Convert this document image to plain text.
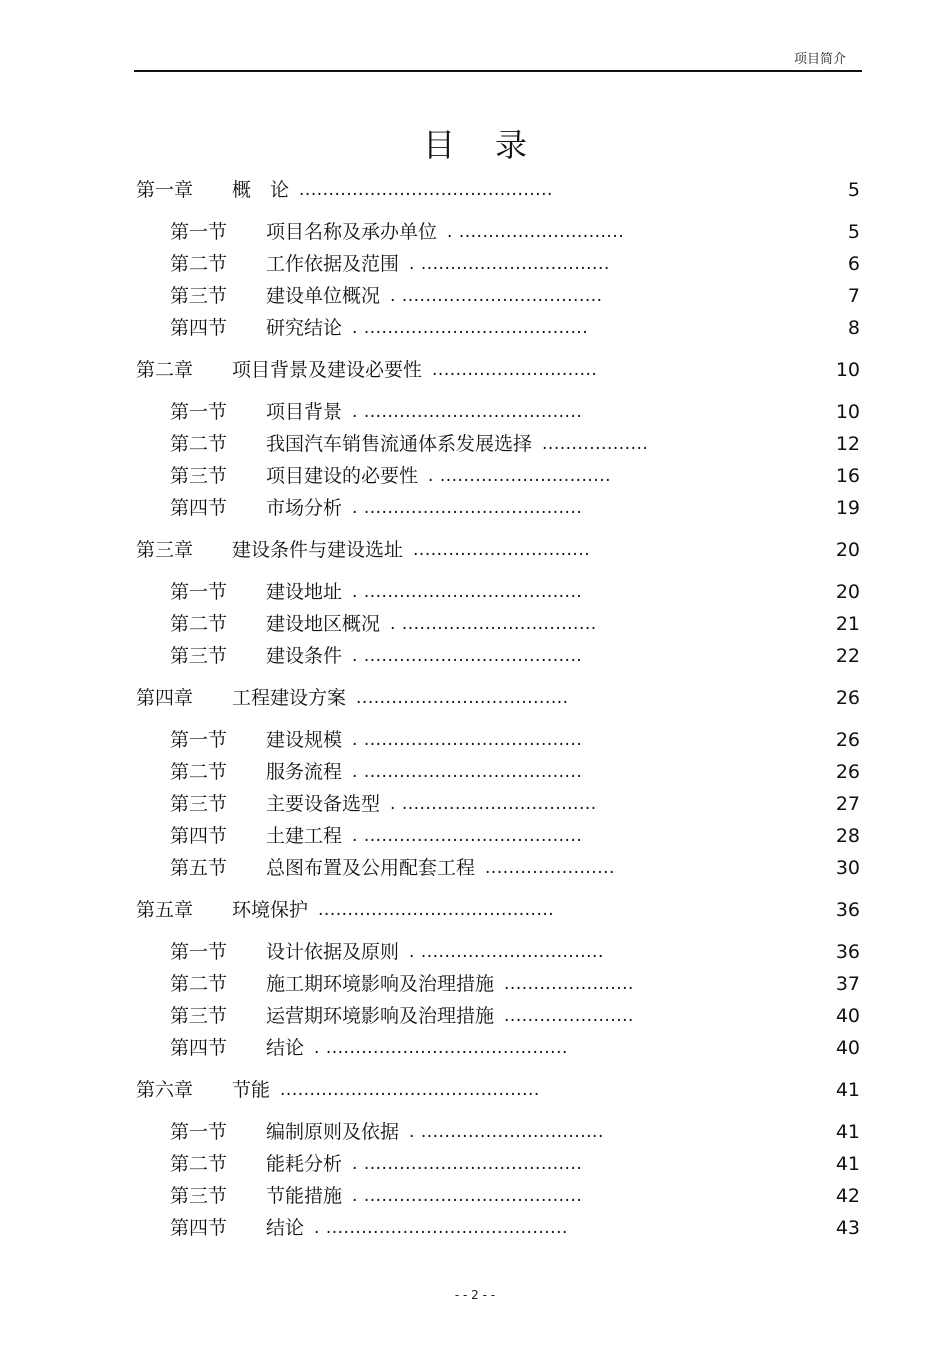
项目简介
目录
第一章	概　论 ...........................................	5
第一节	项目名称及承办单位 . ............................	5
第二节	工作依据及范围 . ................................	6
第三节	建设单位概况 . ..................................	7
第四节	研究结论 . ......................................	8
第二章	项目背景及建设必要性 ............................	10
第一节	项目背景 . .....................................	10
第二节	我国汽车销售流通体系发展选择 ..................	12
第三节	项目建设的必要性 . .............................	16
第四节	市场分析 . .....................................	19
第三章	建设条件与建设选址 ..............................	20
第一节	建设地址 . .....................................	20
第二节	建设地区概况 . .................................	21
第三节	建设条件 . .....................................	22
第四章	工程建设方案 ....................................	26
第一节	建设规模 . .....................................	26
第二节	服务流程 . .....................................	26
第三节	主要设备选型 . .................................	27
第四节	土建工程 . .....................................	28
第五节	总图布置及公用配套工程 ......................	30
第五章	环境保护 ........................................	36
第一节	设计依据及原则 . ...............................	36
第二节	施工期环境影响及治理措施 ......................	37
第三节	运营期环境影响及治理措施 ......................	40
第四节	结论 . .........................................	40
第六章	节能 ............................................	41
第一节	编制原则及依据 . ...............................	41
第二节	能耗分析 . .....................................	41
第三节	节能措施 . .....................................	42
第四节	结论 . .........................................	43
- - 2 - -
